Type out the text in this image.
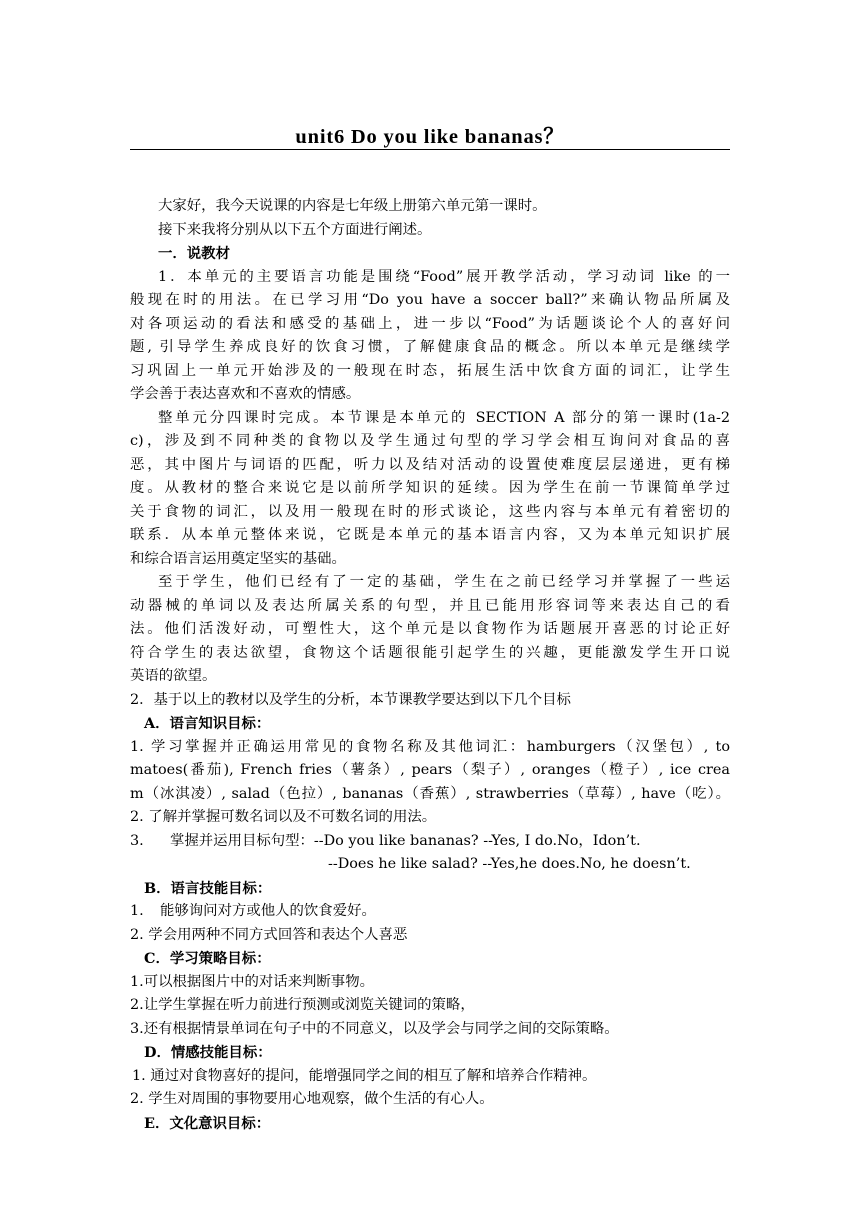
unit6 Do you like bananas？
大家好，我今天说课的内容是七年级上册第六单元第一课时。
接下来我将分别从以下五个方面进行阐述。
一．说教材
1．本单元的主要语言功能是围绕“Food”展开教学活动，学习动词 like 的一
般现在时的用法。在已学习用“Do you have a soccer ball?”来确认物品所属及
对各项运动的看法和感受的基础上，进一步以“Food”为话题谈论个人的喜好问
题, 引导学生养成良好的饮食习惯，了解健康食品的概念。所以本单元是继续学
习巩固上一单元开始涉及的一般现在时态，拓展生活中饮食方面的词汇，让学生
学会善于表达喜欢和不喜欢的情感。
整单元分四课时完成。本节课是本单元的 SECTION A 部分的第一课时(1a-2
c)，涉及到不同种类的食物以及学生通过句型的学习学会相互询问对食品的喜
恶，其中图片与词语的匹配，听力以及结对活动的设置使难度层层递进，更有梯
度。从教材的整合来说它是以前所学知识的延续。因为学生在前一节课简单学过
关于食物的词汇，以及用一般现在时的形式谈论，这些内容与本单元有着密切的
联系．从本单元整体来说，它既是本单元的基本语言内容，又为本单元知识扩展
和综合语言运用奠定坚实的基础。
至于学生，他们已经有了一定的基础，学生在之前已经学习并掌握了一些运
动器械的单词以及表达所属关系的句型，并且已能用形容词等来表达自己的看
法。他们活泼好动，可塑性大，这个单元是以食物作为话题展开喜恶的讨论正好
符合学生的表达欲望，食物这个话题很能引起学生的兴趣，更能激发学生开口说
英语的欲望。
2．基于以上的教材以及学生的分析，本节课教学要达到以下几个目标
A．语言知识目标：
1. 学习掌握并正确运用常见的食物名称及其他词汇：hamburgers（汉堡包）, to
matoes(番茄), French fries（薯条）, pears（梨子）, oranges（橙子）, ice crea
m（冰淇凌）, salad（色拉）, bananas（香蕉）, strawberries（草莓）, have（吃）。
2. 了解并掌握可数名词以及不可数名词的用法。
3. 掌握并运用目标句型：--Do you like bananas? --Yes, I do.No，Idon’t.
--Does he like salad? --Yes,he does.No, he doesn’t.
B．语言技能目标：
1. 能够询问对方或他人的饮食爱好。
2. 学会用两种不同方式回答和表达个人喜恶
C．学习策略目标：
1.可以根据图片中的对话来判断事物。
2.让学生掌握在听力前进行预测或浏览关键词的策略，
3.还有根据情景单词在句子中的不同意义，以及学会与同学之间的交际策略。
D．情感技能目标：
1. 通过对食物喜好的提问，能增强同学之间的相互了解和培养合作精神。
2. 学生对周围的事物要用心地观察，做个生活的有心人。
E．文化意识目标：
